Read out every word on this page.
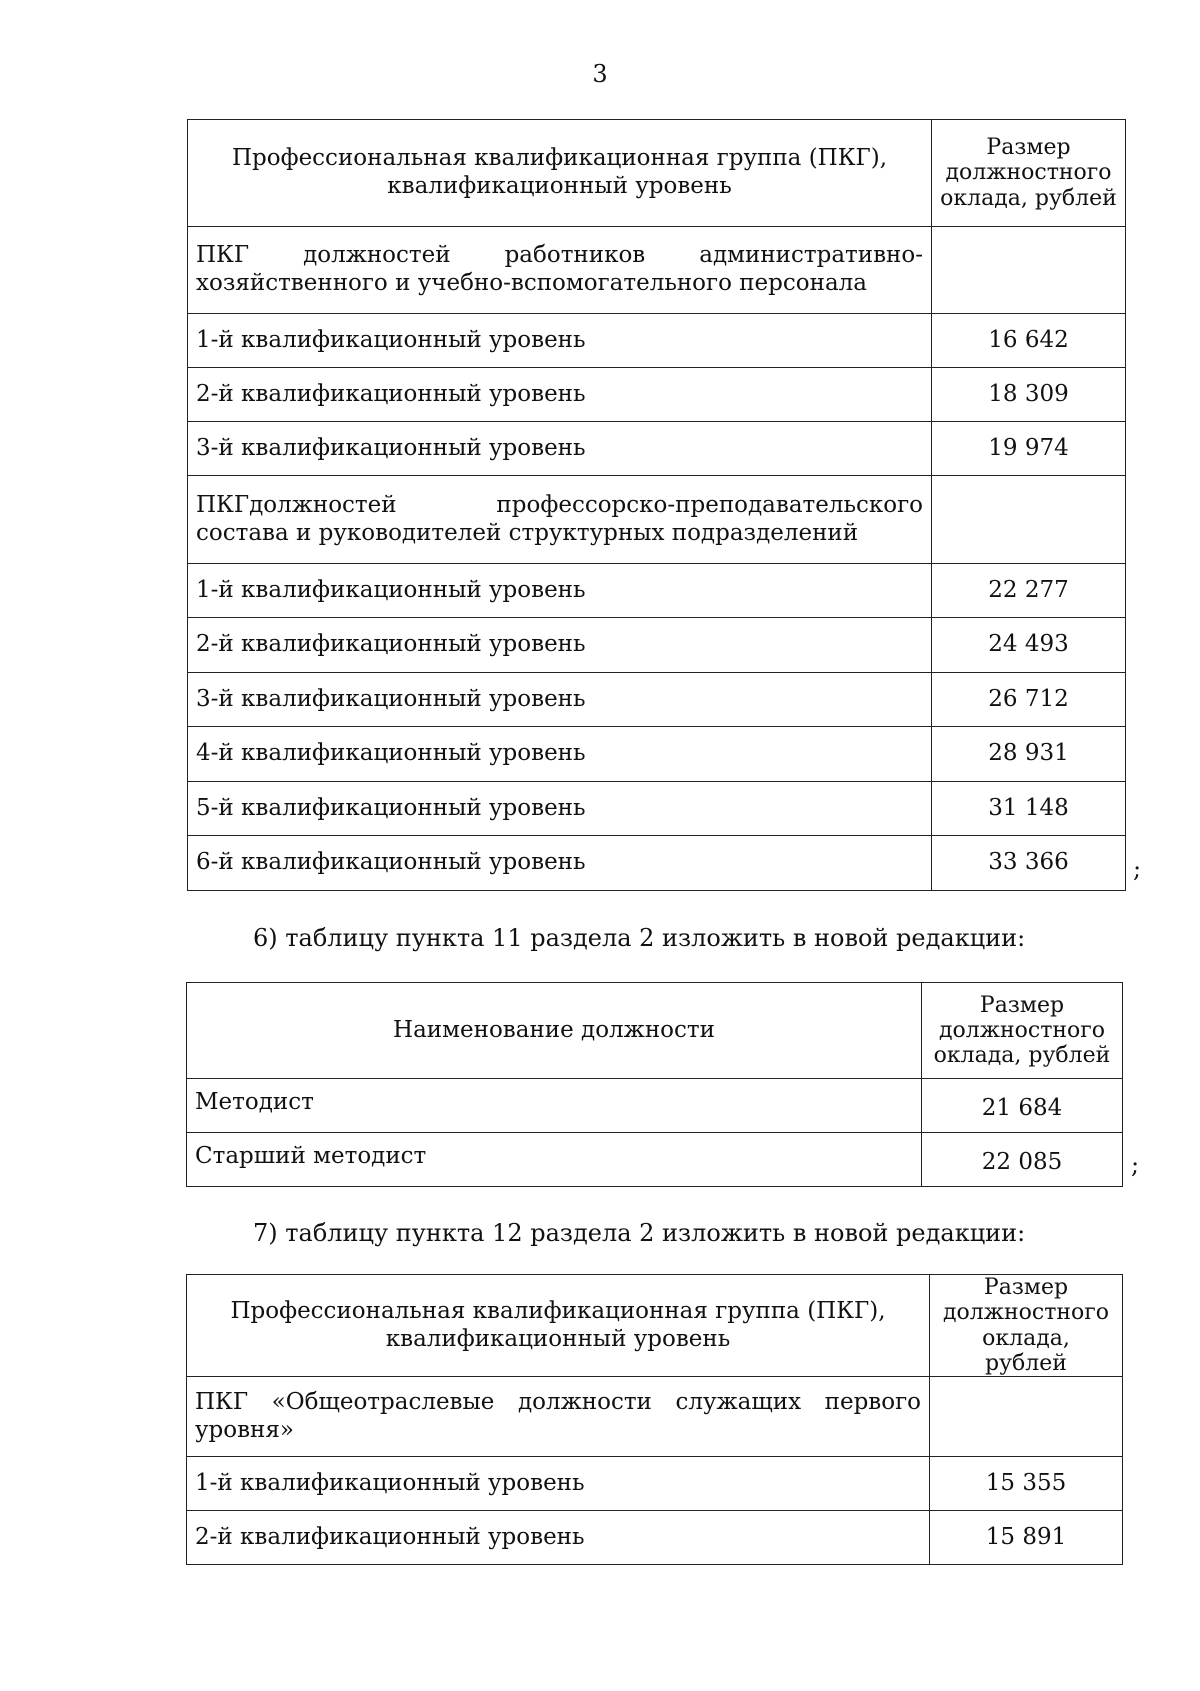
3
Профессиональная квалификационная группа (ПКГ), квалификационный уровень	Размер должностного оклада, рублей
ПКГ должностей работников административно-хозяйственного и учебно-вспомогательного персонала	
1-й квалификационный уровень	16 642
2-й квалификационный уровень	18 309
3-й квалификационный уровень	19 974
ПКГдолжностей профессорско-преподавательского состава и руководителей структурных подразделений	
1-й квалификационный уровень	22 277
2-й квалификационный уровень	24 493
3-й квалификационный уровень	26 712
4-й квалификационный уровень	28 931
5-й квалификационный уровень	31 148
6-й квалификационный уровень	33 366	;
6) таблицу пункта 11 раздела 2 изложить в новой редакции:
Наименование должности	Размер должностного оклада, рублей
Методист	21 684
Старший методист	22 085	;
7) таблицу пункта 12 раздела 2 изложить в новой редакции:
Профессиональная квалификационная группа (ПКГ), квалификационный уровень	Размер должностного оклада, рублей
ПКГ «Общеотраслевые должности служащих первого уровня»	
1-й квалификационный уровень	15 355
2-й квалификационный уровень	15 891
